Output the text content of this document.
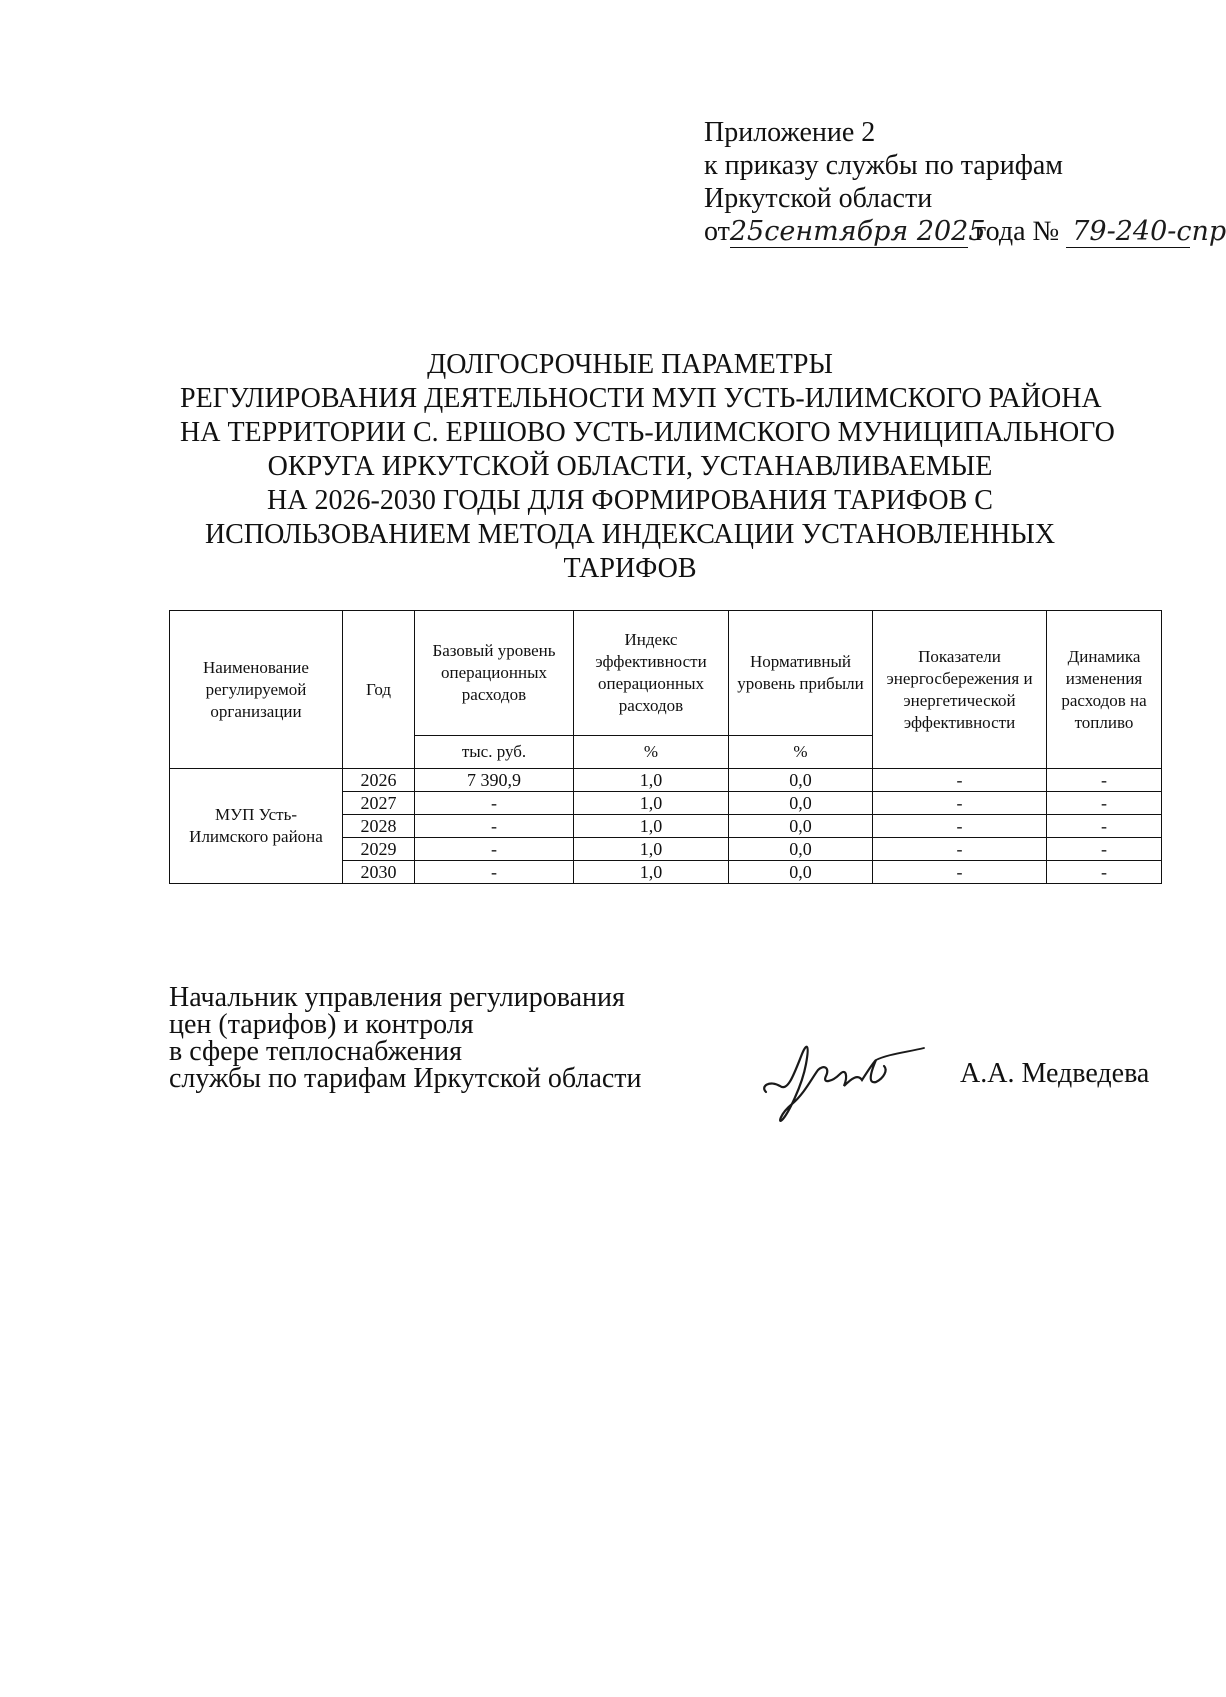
Приложение 2
к приказу службы по тарифам
Иркутской области
от25сентября 2025 года № 79-240-спр
ДОЛГОСРОЧНЫЕ ПАРАМЕТРЫ
РЕГУЛИРОВАНИЯ ДЕЯТЕЛЬНОСТИ МУП УСТЬ-ИЛИМСКОГО РАЙОНА
НА ТЕРРИТОРИИ С. ЕРШОВО УСТЬ-ИЛИМСКОГО МУНИЦИПАЛЬНОГО
ОКРУГА ИРКУТСКОЙ ОБЛАСТИ, УСТАНАВЛИВАЕМЫЕ
НА 2026-2030 ГОДЫ ДЛЯ ФОРМИРОВАНИЯ ТАРИФОВ С
ИСПОЛЬЗОВАНИЕМ МЕТОДА ИНДЕКСАЦИИ УСТАНОВЛЕННЫХ
ТАРИФОВ
Наименование регулируемой организации	Год	Базовый уровень операционных расходов	Индекс эффективности операционных расходов	Нормативный уровень прибыли	Показатели энергосбережения и энергетической эффективности	Динамика изменения расходов на топливо
		тыс. руб.	%	%		
МУП Усть-Илимского района	2026	7 390,9	1,0	0,0	-	-
	2027	-	1,0	0,0	-	-
	2028	-	1,0	0,0	-	-
	2029	-	1,0	0,0	-	-
	2030	-	1,0	0,0	-	-
Начальник управления регулирования
цен (тарифов) и контроля
в сфере теплоснабжения
службы по тарифам Иркутской области	А.А. Медведева
